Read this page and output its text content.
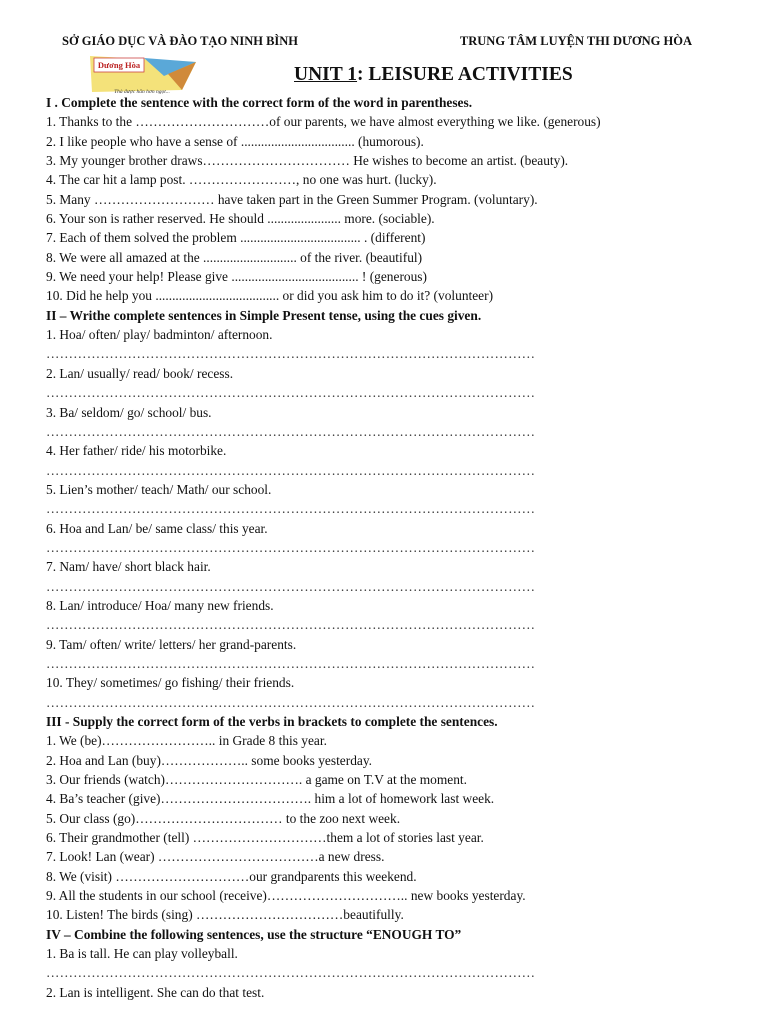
SỞ GIÁO DỤC VÀ ĐÀO TẠO NINH BÌNH	TRUNG TÂM LUYỆN THI DƯƠNG HÒA
Dương Hòa
Thà được hẳn hơn ngọt...
UNIT 1: LEISURE ACTIVITIES
I . Complete the sentence with the correct form of the word in parentheses.
1. Thanks to the …………………………of our parents, we have almost everything we like. (generous)
2. I like people who have a sense of .................................. (humorous).
3. My younger brother draws…………………………… He wishes to become an artist. (beauty).
4. The car hit a lamp post. ……………………, no one was hurt. (lucky).
5. Many ……………………… have taken part in the Green Summer Program. (voluntary).
6. Your son is rather reserved. He should ...................... more. (sociable).
7. Each of them solved the problem .................................... . (different)
8. We were all amazed at the ............................ of the river. (beautiful)
9. We need your help! Please give ...................................... ! (generous)
10. Did he help you ..................................... or did you ask him to do it? (volunteer)
II – Writhe complete sentences in Simple Present tense, using the cues given.
1. Hoa/ often/ play/ badminton/ afternoon.
………………………………………………………………………………………………
2. Lan/ usually/ read/ book/ recess.
………………………………………………………………………………………………
3. Ba/ seldom/ go/ school/ bus.
………………………………………………………………………………………………
4. Her father/ ride/ his motorbike.
………………………………………………………………………………………………
5. Lien’s mother/ teach/ Math/ our school.
………………………………………………………………………………………………
6. Hoa and Lan/ be/ same class/ this year.
………………………………………………………………………………………………
7. Nam/ have/ short black hair.
………………………………………………………………………………………………
8. Lan/ introduce/ Hoa/ many new friends.
………………………………………………………………………………………………
9. Tam/ often/ write/ letters/ her grand-parents.
………………………………………………………………………………………………
10. They/ sometimes/ go fishing/ their friends.
………………………………………………………………………………………………
III - Supply the correct form of the verbs in brackets to complete the sentences.
1. We (be)…………………….. in Grade 8 this year.
2. Hoa and Lan (buy)……………….. some books yesterday.
3. Our friends (watch)…………………………. a game on T.V at the moment.
4. Ba’s teacher (give)……………………………. him a lot of homework last week.
5. Our class (go)…………………………… to the zoo next week.
6. Their grandmother (tell) …………………………them a lot of stories last year.
7. Look! Lan (wear) ………………………………a new dress.
8. We (visit) …………………………our grandparents this weekend.
9. All the students in our school (receive)………………………….. new books yesterday.
10. Listen! The birds (sing) ……………………………beautifully.
IV – Combine the following sentences, use the structure “ENOUGH TO”
1. Ba is tall. He can play volleyball.
………………………………………………………………………………………………
2. Lan is intelligent. She can do that test.
